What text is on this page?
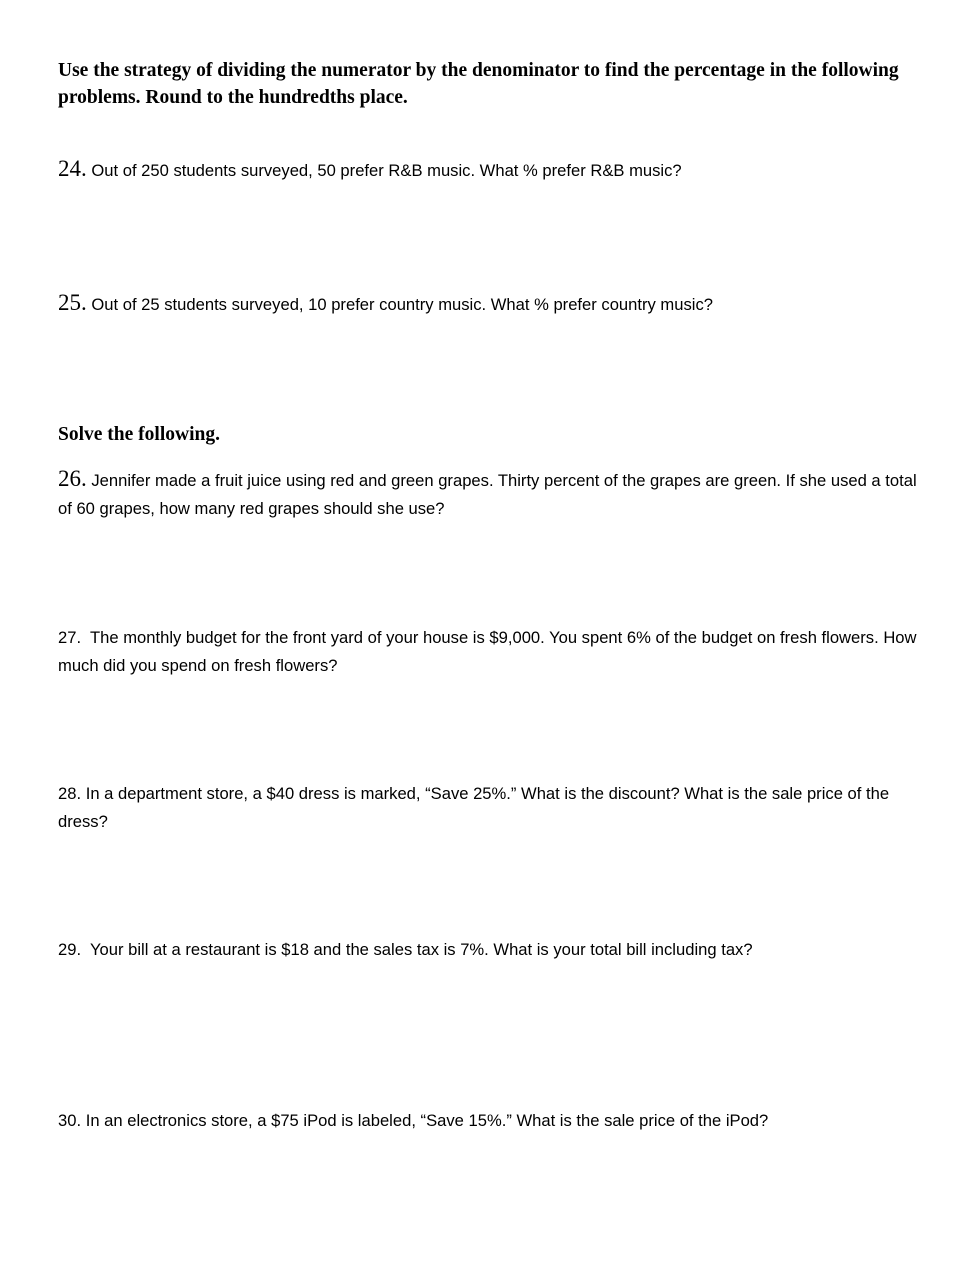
Use the strategy of dividing the numerator by the denominator to find the percentage in the following problems. Round to the hundredths place.

24. Out of 250 students surveyed, 50 prefer R&B music. What % prefer R&B music?

25. Out of 25 students surveyed, 10 prefer country music. What % prefer country music?

Solve the following.

26. Jennifer made a fruit juice using red and green grapes. Thirty percent of the grapes are green. If she used a total of 60 grapes, how many red grapes should she use?

27. The monthly budget for the front yard of your house is $9,000. You spent 6% of the budget on fresh flowers. How much did you spend on fresh flowers?

28. In a department store, a $40 dress is marked, “Save 25%.” What is the discount? What is the sale price of the dress?

29. Your bill at a restaurant is $18 and the sales tax is 7%. What is your total bill including tax?

30. In an electronics store, a $75 iPod is labeled, “Save 15%.” What is the sale price of the iPod?
